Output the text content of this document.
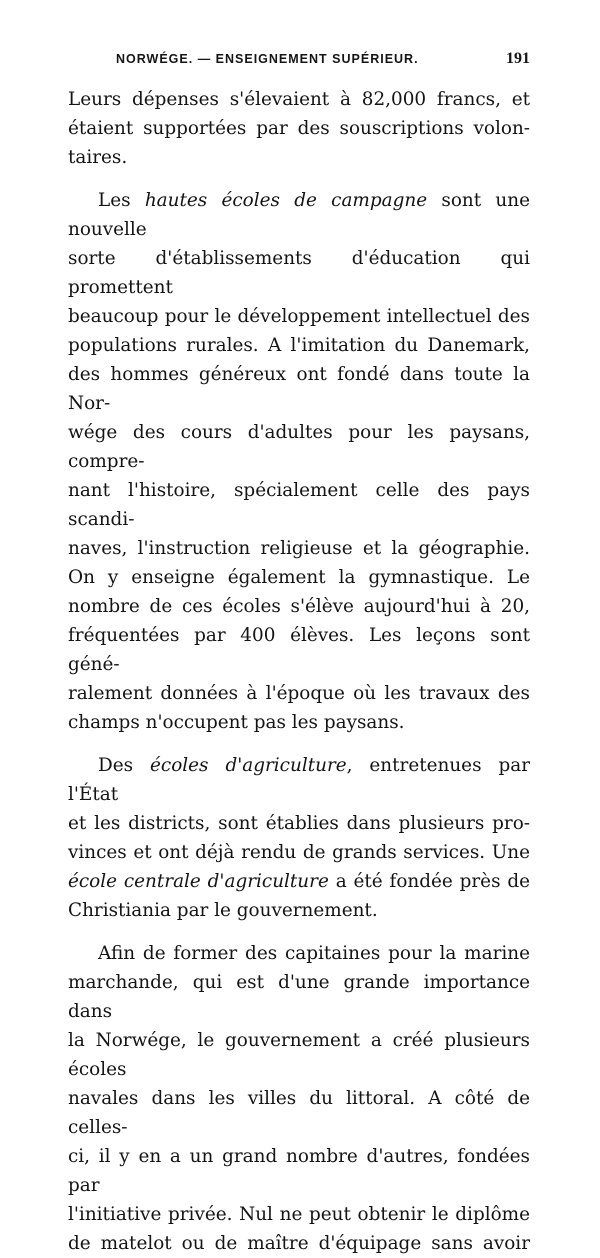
NORWÉGE. — ENSEIGNEMENT SUPÉRIEUR.	191

Leurs dépenses s'élevaient à 82,000 francs, et

étaient supportées par des souscriptions volon-

taires.

Les hautes écoles de campagne sont une nouvelle

sorte d'établissements d'éducation qui promettent

beaucoup pour le développement intellectuel des

populations rurales. A l'imitation du Danemark,

des hommes généreux ont fondé dans toute la Nor-

wége des cours d'adultes pour les paysans, compre-

nant l'histoire, spécialement celle des pays scandi-

naves, l'instruction religieuse et la géographie.

On y enseigne également la gymnastique. Le

nombre de ces écoles s'élève aujourd'hui à 20,

fréquentées par 400 élèves. Les leçons sont géné-

ralement données à l'époque où les travaux des

champs n'occupent pas les paysans.

Des écoles d'agriculture, entretenues par l'État

et les districts, sont établies dans plusieurs pro-

vinces et ont déjà rendu de grands services. Une

école centrale d'agriculture a été fondée près de

Christiania par le gouvernement.

Afin de former des capitaines pour la marine

marchande, qui est d'une grande importance dans

la Norwége, le gouvernement a créé plusieurs écoles

navales dans les villes du littoral. A côté de celles-

ci, il y en a un grand nombre d'autres, fondées par

l'initiative privée. Nul ne peut obtenir le diplôme

de matelot ou de maître d'équipage sans avoir
